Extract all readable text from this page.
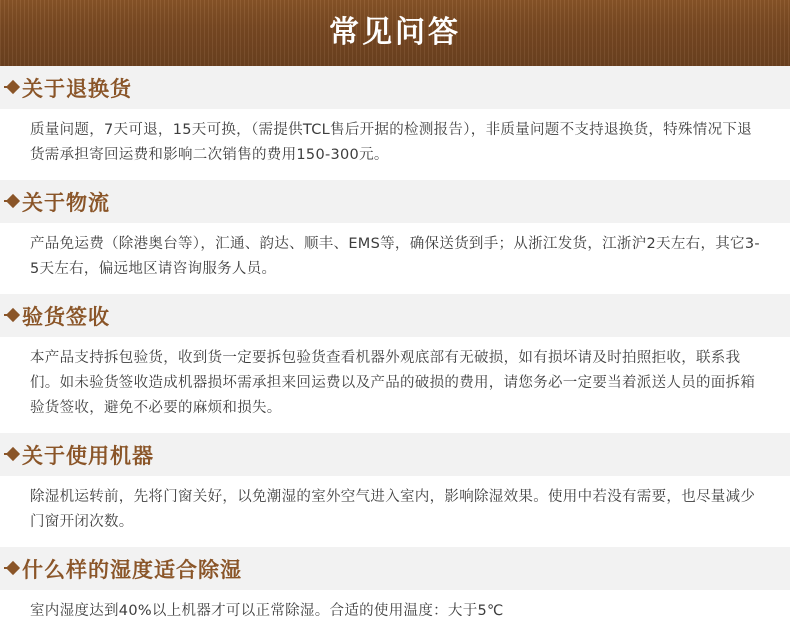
常见问答
关于退换货

质量问题，7天可退，15天可换，（需提供TCL售后开据的检测报告），非质量问题不支持退换货，特殊情况下退货需承担寄回运费和影响二次销售的费用150-300元。

关于物流

产品免运费（除港奥台等），汇通、韵达、顺丰、EMS等，确保送货到手；从浙江发货，江浙沪2天左右，其它3-5天左右，偏远地区请咨询服务人员。

验货签收

本产品支持拆包验货，收到货一定要拆包验货查看机器外观底部有无破损，如有损坏请及时拍照拒收，联系我们。如未验货签收造成机器损坏需承担来回运费以及产品的破损的费用，请您务必一定要当着派送人员的面拆箱验货签收，避免不必要的麻烦和损失。

关于使用机器

除湿机运转前，先将门窗关好，以免潮湿的室外空气进入室内，影响除湿效果。使用中若没有需要，也尽量减少门窗开闭次数。

什么样的湿度适合除湿

室内湿度达到40%以上机器才可以正常除湿。合适的使用温度：大于5℃
